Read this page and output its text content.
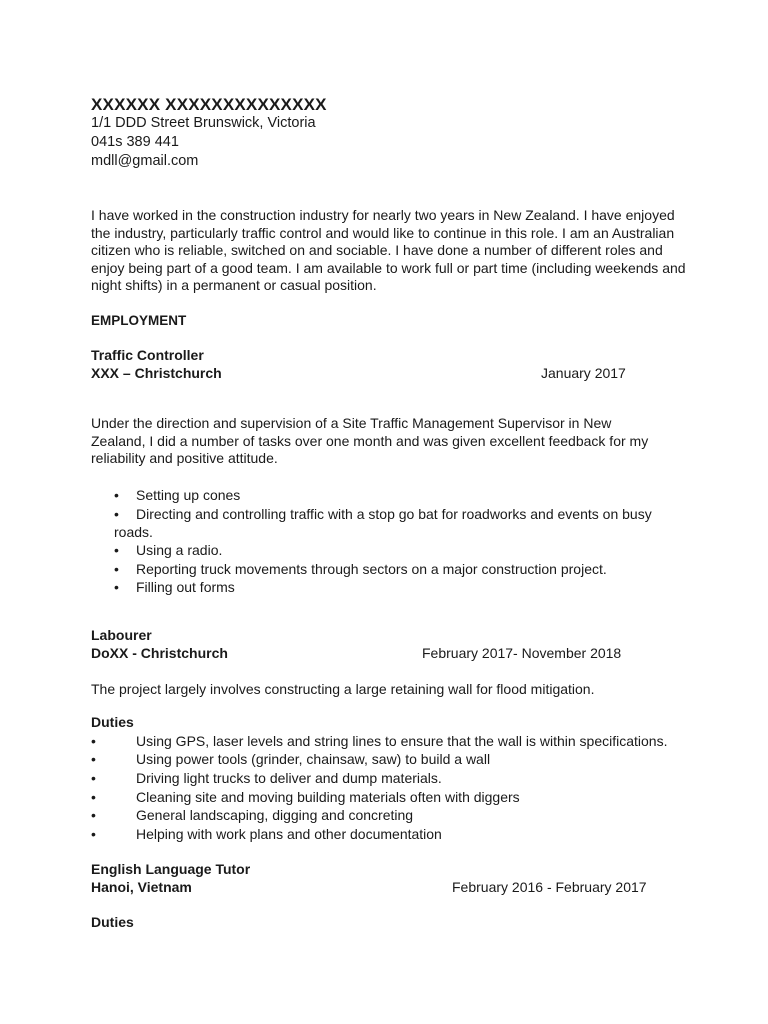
XXXXXX XXXXXXXXXXXXXX
1/1 DDD Street Brunswick, Victoria
041s 389 441
mdll@gmail.com
I have worked in the construction industry for nearly two years in New Zealand. I have enjoyed the industry, particularly traffic control and would like to continue in this role. I am an Australian citizen who is reliable, switched on and sociable. I have done a number of different roles and enjoy being part of a good team. I am available to work full or part time (including weekends and night shifts) in a permanent or casual position.
EMPLOYMENT
Traffic Controller
XXX – Christchurch	January 2017
Under the direction and supervision of a Site Traffic Management Supervisor in New Zealand, I did a number of tasks over one month and was given excellent feedback for my reliability and positive attitude.
•	Setting up cones
•	Directing and controlling traffic with a stop go bat for roadworks and events on busy roads.
•	Using a radio.
•	Reporting truck movements through sectors on a major construction project.
•	Filling out forms
Labourer
DoXX - Christchurch	February 2017- November 2018
The project largely involves constructing a large retaining wall for flood mitigation.
Duties
•	Using GPS, laser levels and string lines to ensure that the wall is within specifications.
•	Using power tools (grinder, chainsaw, saw) to build a wall
•	Driving light trucks to deliver and dump materials.
•	Cleaning site and moving building materials often with diggers
•	General landscaping, digging and concreting
•	Helping with work plans and other documentation
English Language Tutor
Hanoi, Vietnam	February 2016 - February 2017
Duties
